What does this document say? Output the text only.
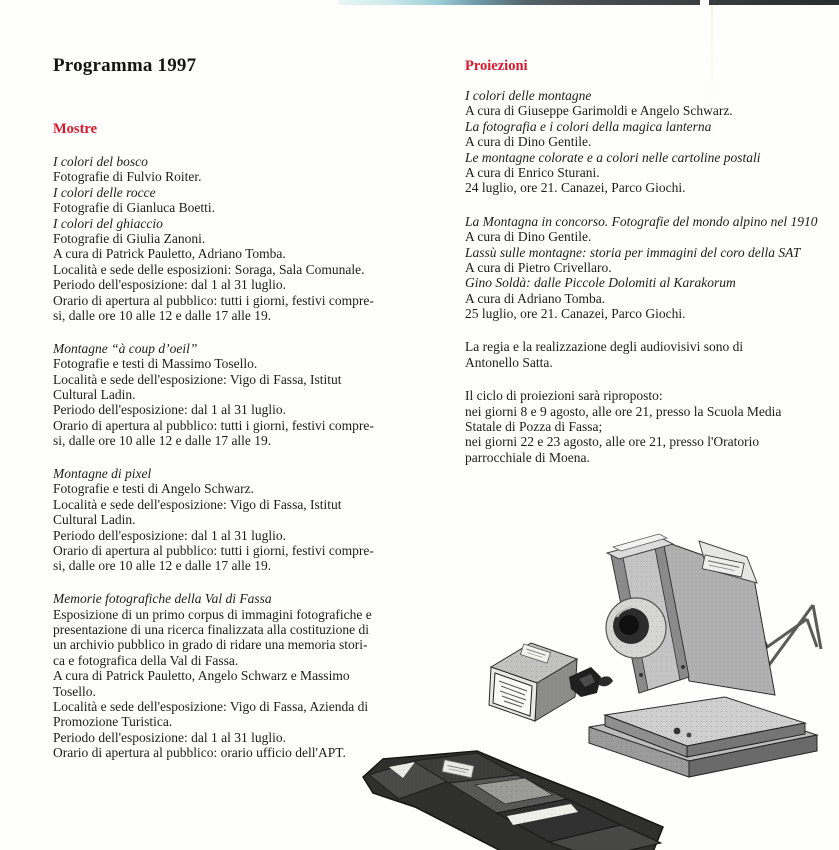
Programma 1997
Mostre
Proiezioni
I colori del bosco
Fotografie di Fulvio Roiter.
I colori delle rocce
Fotografie di Gianluca Boetti.
I colori del ghiaccio
Fotografie di Giulia Zanoni.
A cura di Patrick Pauletto, Adriano Tomba.
Località e sede delle esposizioni: Soraga, Sala Comunale.
Periodo dell'esposizione: dal 1 al 31 luglio.
Orario di apertura al pubblico: tutti i giorni, festivi compre-
si, dalle ore 10 alle 12 e dalle 17 alle 19.
Montagne “à coup d’oeil”
Fotografie e testi di Massimo Tosello.
Località e sede dell'esposizione: Vigo di Fassa, Istitut
Cultural Ladin.
Periodo dell'esposizione: dal 1 al 31 luglio.
Orario di apertura al pubblico: tutti i giorni, festivi compre-
si, dalle ore 10 alle 12 e dalle 17 alle 19.
Montagne di pixel
Fotografie e testi di Angelo Schwarz.
Località e sede dell'esposizione: Vigo di Fassa, Istitut
Cultural Ladin.
Periodo dell'esposizione: dal 1 al 31 luglio.
Orario di apertura al pubblico: tutti i giorni, festivi compre-
si, dalle ore 10 alle 12 e dalle 17 alle 19.
Memorie fotografiche della Val di Fassa
Esposizione di un primo corpus di immagini fotografiche e
presentazione di una ricerca finalizzata alla costituzione di
un archivio pubblico in grado di ridare una memoria stori-
ca e fotografica della Val di Fassa.
A cura di Patrick Pauletto, Angelo Schwarz e Massimo
Tosello.
Località e sede dell'esposizione: Vigo di Fassa, Azienda di
Promozione Turistica.
Periodo dell'esposizione: dal 1 al 31 luglio.
Orario di apertura al pubblico: orario ufficio dell'APT.
I colori delle montagne
A cura di Giuseppe Garimoldi e Angelo Schwarz.
La fotografia e i colori della magica lanterna
A cura di Dino Gentile.
Le montagne colorate e a colori nelle cartoline postali
A cura di Enrico Sturani.
24 luglio, ore 21. Canazei, Parco Giochi.
La Montagna in concorso. Fotografie del mondo alpino nel 1910
A cura di Dino Gentile.
Lassù sulle montagne: storia per immagini del coro della SAT
A cura di Pietro Crivellaro.
Gino Soldà: dalle Piccole Dolomiti al Karakorum
A cura di Adriano Tomba.
25 luglio, ore 21. Canazei, Parco Giochi.
La regia e la realizzazione degli audiovisivi sono di
Antonello Satta.
Il ciclo di proiezioni sarà riproposto:
nei giorni 8 e 9 agosto, alle ore 21, presso la Scuola Media
Statale di Pozza di Fassa;
nei giorni 22 e 23 agosto, alle ore 21, presso l'Oratorio
parrocchiale di Moena.
